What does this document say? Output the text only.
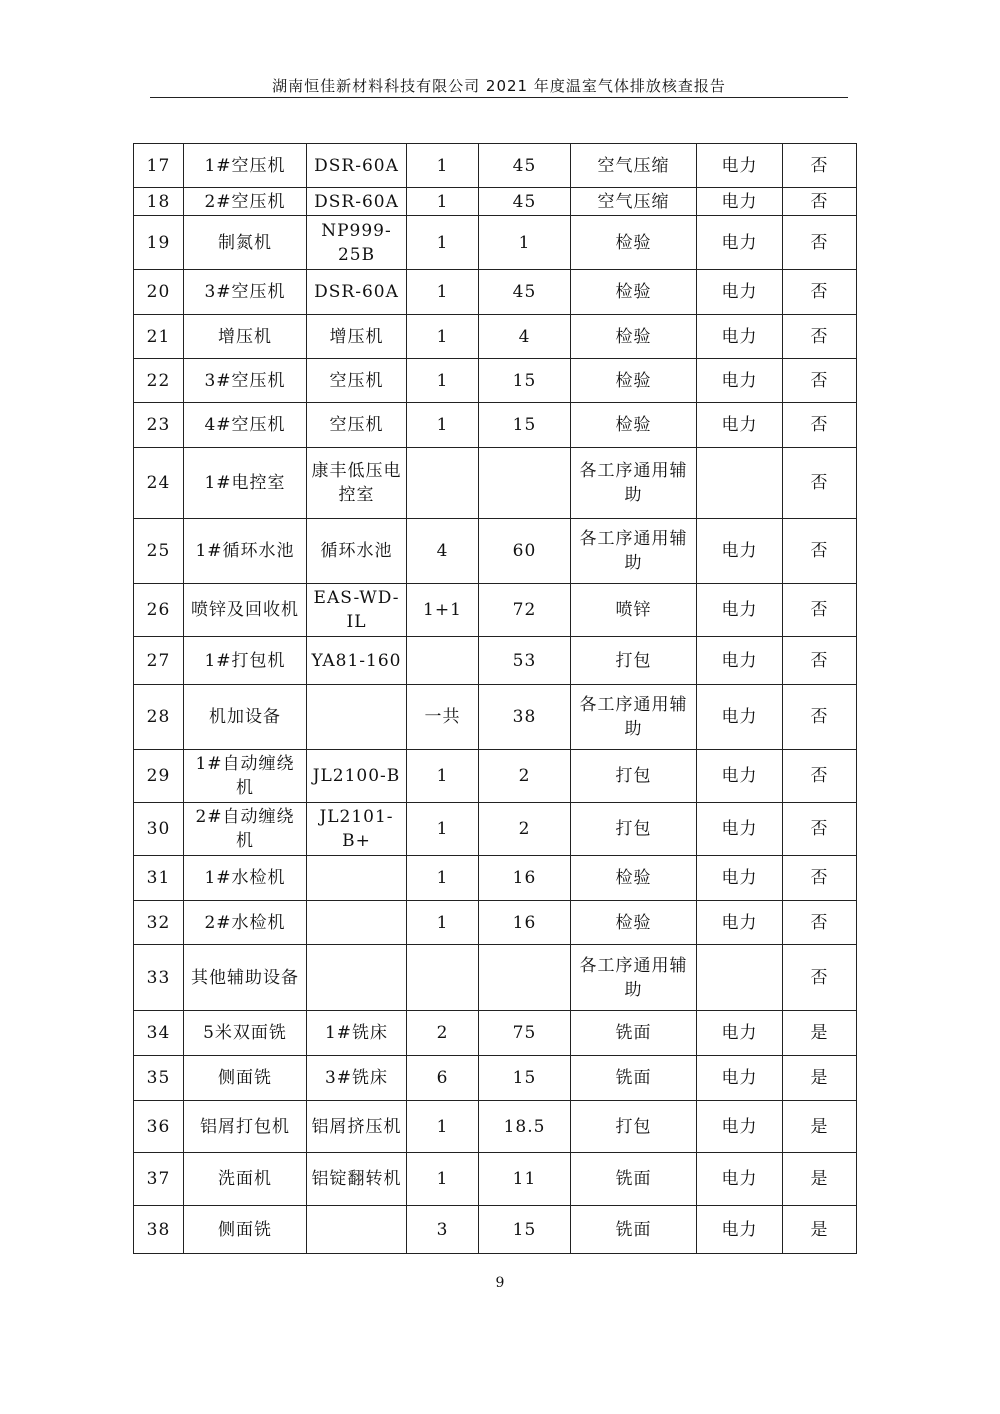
湖南恒佳新材料科技有限公司 2021 年度温室气体排放核查报告
17	1#空压机	DSR-60A	1	45	空气压缩	电力	否
18	2#空压机	DSR-60A	1	45	空气压缩	电力	否
19	制氮机	NP999-25B	1	1	检验	电力	否
20	3#空压机	DSR-60A	1	45	检验	电力	否
21	增压机	增压机	1	4	检验	电力	否
22	3#空压机	空压机	1	15	检验	电力	否
23	4#空压机	空压机	1	15	检验	电力	否
24	1#电控室	康丰低压电控室			各工序通用辅助		否
25	1#循环水池	循环水池	4	60	各工序通用辅助	电力	否
26	喷锌及回收机	EAS-WD-IL	1+1	72	喷锌	电力	否
27	1#打包机	YA81-160		53	打包	电力	否
28	机加设备		一共	38	各工序通用辅助	电力	否
29	1#自动缠绕机	JL2100-B	1	2	打包	电力	否
30	2#自动缠绕机	JL2101-B+	1	2	打包	电力	否
31	1#水检机		1	16	检验	电力	否
32	2#水检机		1	16	检验	电力	否
33	其他辅助设备				各工序通用辅助		否
34	5米双面铣	1#铣床	2	75	铣面	电力	是
35	侧面铣	3#铣床	6	15	铣面	电力	是
36	铝屑打包机	铝屑挤压机	1	18.5	打包	电力	是
37	洗面机	铝锭翻转机	1	11	铣面	电力	是
38	侧面铣		3	15	铣面	电力	是
9
